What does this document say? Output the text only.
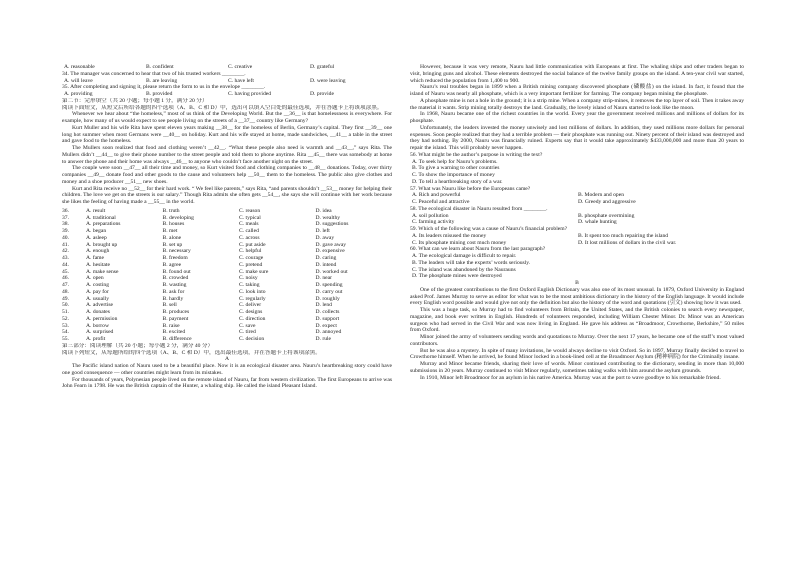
A. reasonable	B. confident	C. creative	D. grateful
34. The manager was concerned to hear that two of his trusted workers ________.
A. will leave	B. are leaving	C. have left	D. were leaving
35. After completing and signing it, please return the form to us in the envelope ________.
A. providing	B. provided	C. having provided	D. provide
第二节：完形填空（共 20 小题；每小题 1 分，满分 20 分）
阅读下面短文，从短文后所给各题的四个选项（A、B、C 和 D）中，选出可以填入空白处的最佳选项，并在答题卡上将该项涂黑。

Whenever we hear about “the homeless,” most of us think of the Developing World. But the __36__ is that homelessness is everywhere. For example, how many of us would expect to see people living on the streets of a __37__ country like Germany?

Kurt Muller and his wife Rita have spent eleven years making __38__ for the homeless of Berlin, Germany’s capital. They first __39__ one long hot summer when most Germans were __40__ on holiday. Kurt and his wife stayed at home, made sandwiches, __41__ a table in the street and gave food to the homeless.

The Mullers soon realized that food and clothing weren’t __42__. “What these people also need is warmth and __43__,” says Rita. The Mullers didn’t __44__ to give their phone number to the street people and told them to phone anytime. Rita __45__ there was somebody at home to answer the phone and their home was always __46__ to anyone who couldn’t face another night on the street.

The couple were soon __47__ all their time and money, so Kurt visited food and clothing companies to __48__ donations. Today, over thirty companies __49__ donate food and other goods to the cause and volunteers help __50__ them to the homeless. The public also give clothes and money and a shoe producer __51__ new shoes.

Kurt and Rita receive no __52__ for their hard work. “ We feel like parents,” says Rita, “and parents shouldn’t __53__ money for helping their children. The love we get on the streets is our salary.” Though Rita admits she often gets __54__, she says she will continue with her work because she likes the feeling of having made a __55__ in the world.

36.	A. result	B. truth	C. reason	D. idea
37.	A. traditional	B. developing	C. typical	D. wealthy
38.	A. preparations	B. houses	C. meals	D. suggestions
39.	A. began	B. met	C. called	D. left
40.	A. asleep	B. alone	C. across	D. away
41.	A. brought up	B. set up	C. put aside	D. gave away
42.	A. enough	B. necessary	C. helpful	D. expensive
43.	A. fame	B. freedom	C. courage	D. caring
44.	A. hesitate	B. agree	C. pretend	D. intend
45.	A. make sense	B. found out	C. make sure	D. worked out
46.	A. open	B. crowded	C. noisy	D. near
47.	A. costing	B. wasting	C. taking	D. spending
48.	A. pay for	B. ask for	C. look into	D. carry out
49.	A. usually	B. hardly	C. regularly	D. roughly
50.	A. advertise	B. sell	C. deliver	D. lend
51.	A. donates	B. produces	C. designs	D. collects
52.	A. permission	B. payment	C. direction	D. support
53.	A. borrow	B. raise	C. save	D. expect
54.	A. surprised	B. excited	C. tired	D. annoyed
55.	A. profit	B. difference	C. decision	D. rule
第三部分：阅读理解（共 20 小题；每小题 2 分，满分 40 分）
阅读下列短文，从每题所给的四个选项（A、B、C 和 D）中，选出最佳选项，并在答题卡上将该项涂黑。
A

The Pacific island nation of Nauru used to be a beautiful place. Now it is an ecological disaster area. Nauru’s heartbreaking story could have one good consequence — other countries might learn from its mistakes.

For thousands of years, Polynesian people lived on the remote island of Nauru, far from western civilization. The first Europeans to arrive was John Fearn in 1798. He was the British captain of the Hunter, a whaling ship. He called the island Pleasant Island.

However, because it was very remote, Nauru had little communication with Europeans at first. The whaling ships and other traders began to visit, bringing guns and alcohol. These elements destroyed the social balance of the twelve family groups on the island. A ten-year civil war started, which reduced the population from 1,400 to 900.

Nauru’s real troubles began in 1899 when a British mining company discovered phosphate (磷酸盐) on the island. In fact, it found that the island of Nauru was nearly all phosphate, which is a very important fertilizer for farming. The company began mining the phosphate.

A phosphate mine is not a hole in the ground; it is a strip mine. When a company strip-mines, it removes the top layer of soil. Then it takes away the material it wants. Strip mining totally destroys the land. Gradually, the lovely island of Nauru started to look like the moon.

In 1968, Nauru became one of the richest countries in the world. Every year the government received millions and millions of dollars for its phosphate.

Unfortunately, the leaders invested the money unwisely and lost millions of dollars. In addition, they used millions more dollars for personal expenses. Soon people realized that they had a terrible problem — their phosphate was running out. Ninety percent of their island was destroyed and they had nothing. By 2000, Nauru was financially ruined. Experts say that it would take approximately $433,000,000 and more than 20 years to repair the island. This will probably never happen.

56. What might be the author’s purpose in writing the text?
A. To seek help for Nauru’s problems.
B. To give a warning to other countries
C. To show the importance of money
D. To tell a heartbreaking story of a war.
57. What was Nauru like before the Europeans came?
A. Rich and powerful	B. Modern and open
C. Peaceful and attractive	D. Greedy and aggressive
58. The ecological disaster in Nauru resulted from ________.
A. soil pollution	B. phosphate overmining
C. farming activity	D. whale hunting
59. Which of the following was a cause of Nauru’s financial problem?
A. Its leaders misused the money	B. It spent too much repairing the island
C. Its phosphate mining cost much money	D. It lost millions of dollars in the civil war.
60. What can we learn about Nauru from the last paragraph?
A. The ecological damage is difficult to repair.
B. The leaders will take the experts’ words seriously.
C. The island was abandoned by the Naurauns
D. The phosphate mines were destroyed
B

One of the greatest contributions to the first Oxford English Dictionary was also one of its most unusual. In 1879, Oxford University in England asked Prof. James Murray to serve as editor for what was to be the most ambitious dictionary in the history of the English language. It would include every English word possible and would give not only the definition but also the history of the word and quotations (引文) showing how it was used.

This was a huge task, so Murray had to find volunteers from Britain, the United States, and the British colonies to search every newspaper, magazine, and book ever written in English. Hundreds of volunteers responded, including William Chester Minor. Dr. Minor was an American surgeon who had served in the Civil War and was now living in England. He gave his address as “Broadmoor, Crowthorne, Berkshire,” 50 miles from Oxford.

Minor joined the army of volunteers sending words and quotations to Murray. Over the next 17 years, he became one of the staff’s most valued contributors.

But he was also a mystery. In spite of many invitations, he would always decline to visit Oxford. So in 1897, Murray finally decided to travel to Crowthorne himself. When he arrived, he found Minor locked in a book-lined cell at the Broadmoor Asylum (精神病院) for the Criminally insane.

Murray and Minor became friends, sharing their love of words. Minor continued contributing to the dictionary, sending in more than 10,000 submissions in 20 years. Murray continued to visit Minor regularly, sometimes taking walks with him around the asylum grounds.

In 1910, Minor left Broadmoor for an asylum in his native America. Murray was at the port to wave goodbye to his remarkable friend.
